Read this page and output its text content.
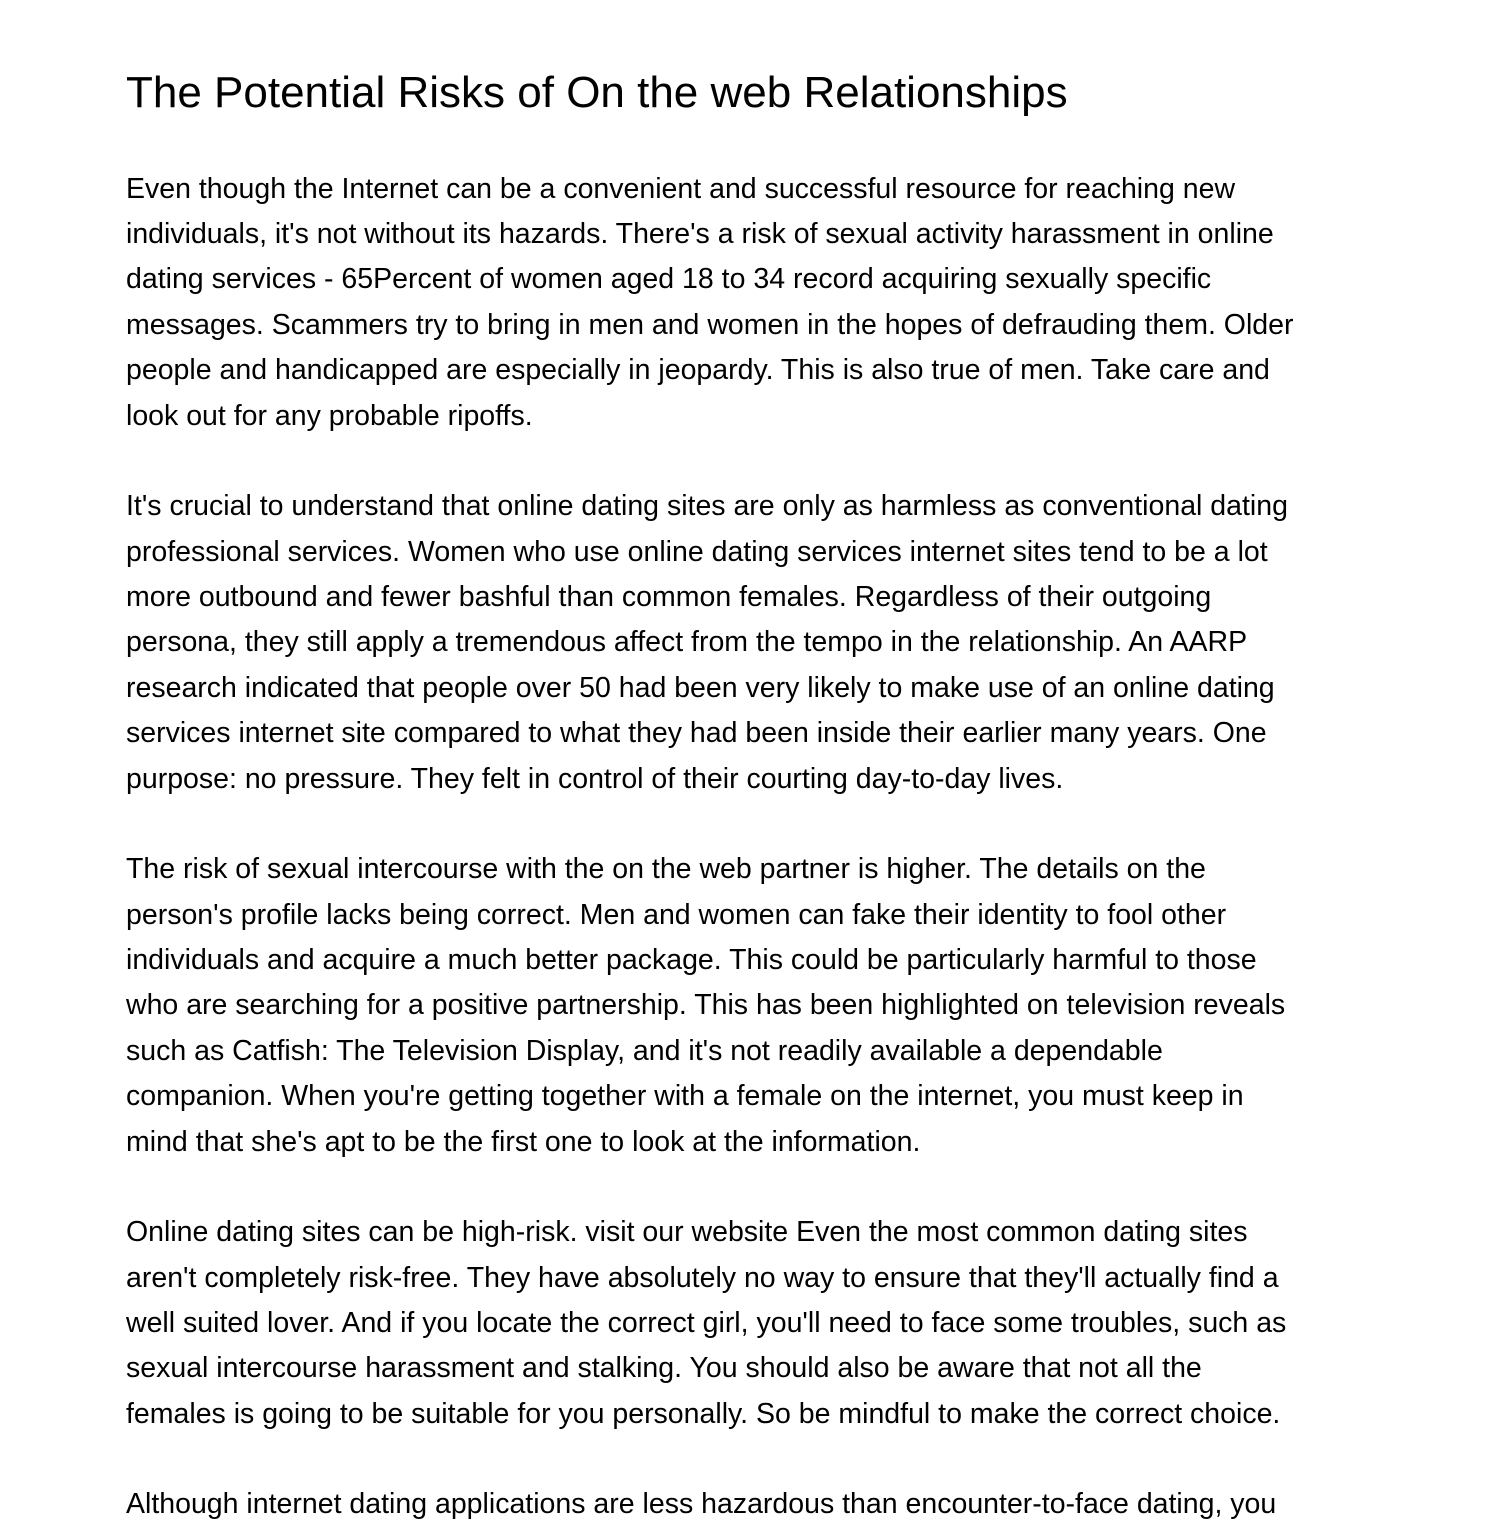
The Potential Risks of On the web Relationships

Even though the Internet can be a convenient and successful resource for reaching new

individuals, it's not without its hazards. There's a risk of sexual activity harassment in online

dating services - 65Percent of women aged 18 to 34 record acquiring sexually specific

messages. Scammers try to bring in men and women in the hopes of defrauding them. Older

people and handicapped are especially in jeopardy. This is also true of men. Take care and

look out for any probable ripoffs.

It's crucial to understand that online dating sites are only as harmless as conventional dating

professional services. Women who use online dating services internet sites tend to be a lot

more outbound and fewer bashful than common females. Regardless of their outgoing

persona, they still apply a tremendous affect from the tempo in the relationship. An AARP

research indicated that people over 50 had been very likely to make use of an online dating

services internet site compared to what they had been inside their earlier many years. One

purpose: no pressure. They felt in control of their courting day-to-day lives.

The risk of sexual intercourse with the on the web partner is higher. The details on the

person's profile lacks being correct. Men and women can fake their identity to fool other

individuals and acquire a much better package. This could be particularly harmful to those

who are searching for a positive partnership. This has been highlighted on television reveals

such as Catfish: The Television Display, and it's not readily available a dependable

companion. When you're getting together with a female on the internet, you must keep in

mind that she's apt to be the first one to look at the information.

Online dating sites can be high-risk. visit our website Even the most common dating sites

aren't completely risk-free. They have absolutely no way to ensure that they'll actually find a

well suited lover. And if you locate the correct girl, you'll need to face some troubles, such as

sexual intercourse harassment and stalking. You should also be aware that not all the

females is going to be suitable for you personally. So be mindful to make the correct choice.

Although internet dating applications are less hazardous than encounter-to-face dating, you
